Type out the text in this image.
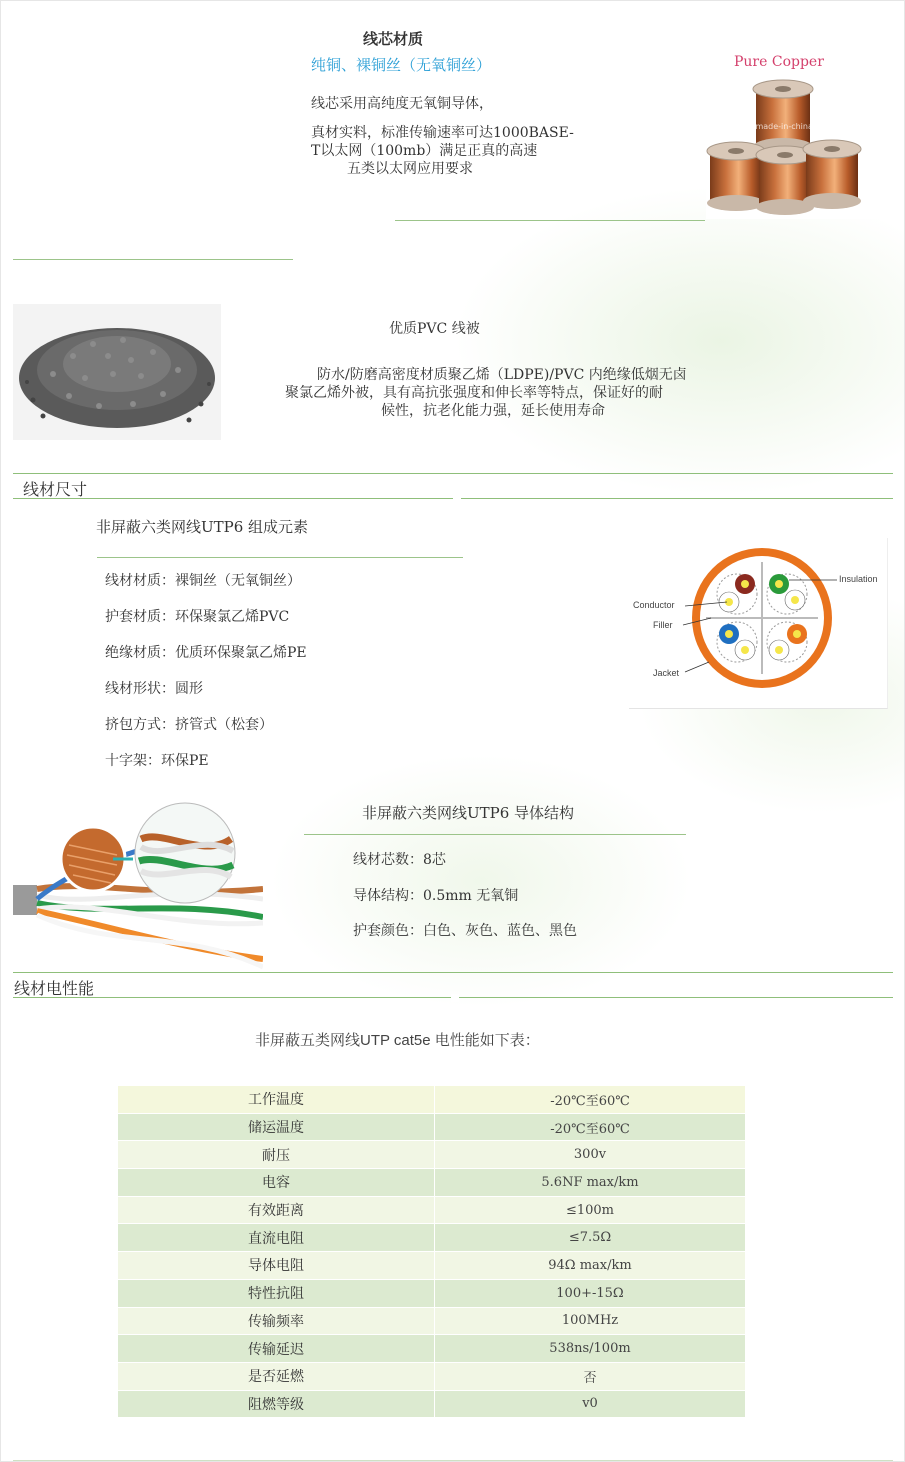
线芯材质
纯铜、裸铜丝（无氧铜丝）
线芯采用高纯度无氧铜导体，
真材实料，标准传输速率可达1000BASE-
T以太网（100mb）满足正真的高速
五类以太网应用要求
Pure Copper
www.made-in-china.com
优质PVC 线被
防水/防磨高密度材质聚乙烯（LDPE)/PVC 内绝缘低烟无卤
聚氯乙烯外被，具有高抗张强度和伸长率等特点，保证好的耐
候性，抗老化能力强，延长使用寿命
线材尺寸
非屏蔽六类网线UTP6 组成元素
线材材质：裸铜丝（无氧铜丝）
护套材质：环保聚氯乙烯PVC
绝缘材质：优质环保聚氯乙烯PE
线材形状：圆形
挤包方式：挤管式（松套）
十字架：环保PE
Insulation
Conductor
Filler
Jacket
非屏蔽六类网线UTP6 导体结构
线材芯数：8芯
导体结构：0.5mm 无氧铜
护套颜色：白色、灰色、蓝色、黑色
线材电性能
非屏蔽五类网线UTP cat5e 电性能如下表：
工作温度	-20℃至60℃
储运温度	-20℃至60℃
耐压	300v
电容	5.6NF max/km
有效距离	≤100m
直流电阻	≤7.5Ω
导体电阻	94Ω max/km
特性抗阻	100+-15Ω
传输频率	100MHz
传输延迟	538ns/100m
是否延燃	否
阻燃等级	v0
